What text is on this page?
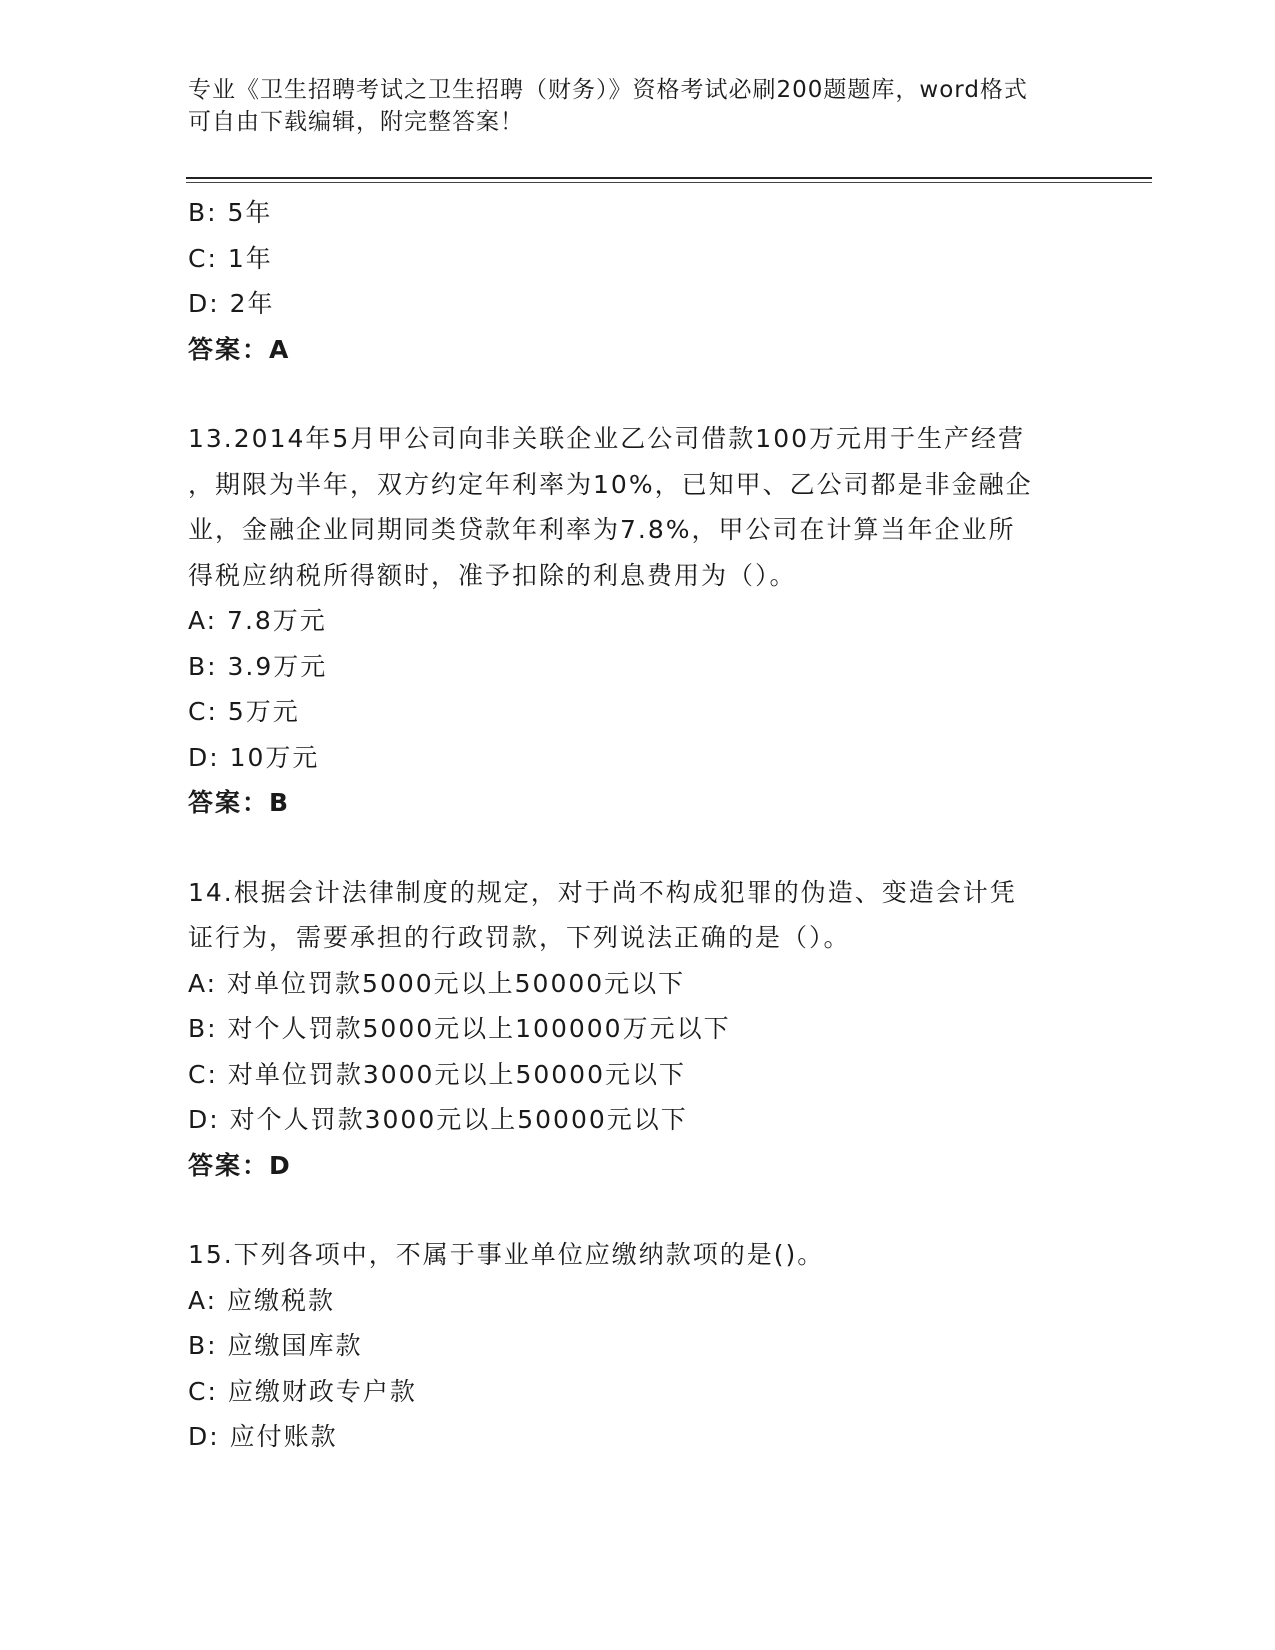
专业《卫生招聘考试之卫生招聘（财务）》资格考试必刷200题题库，word格式
可自由下载编辑，附完整答案！
B: 5年
C: 1年
D: 2年
答案：A
13.2014年5月甲公司向非关联企业乙公司借款100万元用于生产经营
，期限为半年，双方约定年利率为10%，已知甲、乙公司都是非金融企
业，金融企业同期同类贷款年利率为7.8%，甲公司在计算当年企业所
得税应纳税所得额时，准予扣除的利息费用为（）。
A: 7.8万元
B: 3.9万元
C: 5万元
D: 10万元
答案：B
14.根据会计法律制度的规定，对于尚不构成犯罪的伪造、变造会计凭
证行为，需要承担的行政罚款，下列说法正确的是（）。
A: 对单位罚款5000元以上50000元以下
B: 对个人罚款5000元以上100000万元以下
C: 对单位罚款3000元以上50000元以下
D: 对个人罚款3000元以上50000元以下
答案：D
15.下列各项中，不属于事业单位应缴纳款项的是()。
A: 应缴税款
B: 应缴国库款
C: 应缴财政专户款
D: 应付账款
